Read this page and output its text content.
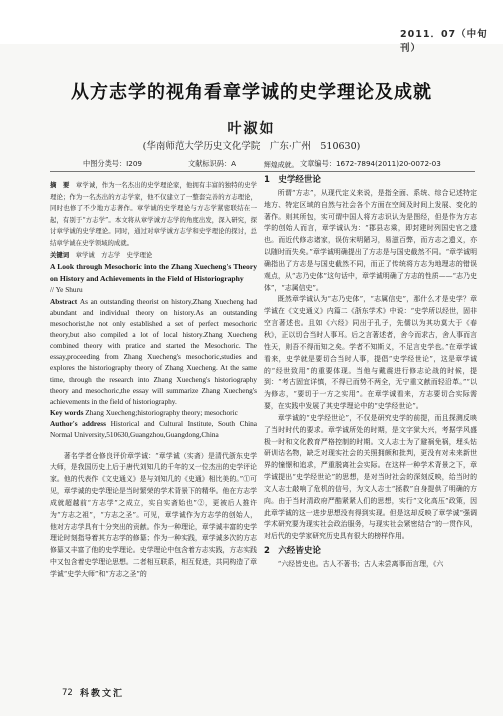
2011．07（中旬刊）
从方志学的视角看章学诚的史学理论及成就
叶淑如
(华南师范大学历史文化学院　广东·广州　510630)
中图分类号：I209	文献标识码：A	文章编号：1672-7894(2011)20-0072-03

摘　要　 章学诚，作为一名杰出的史学理论家，他拥有丰富的独特的史学理论；作为一名杰出的方志学家，他不仅建立了一整套完善的方志理论，同时也修了不少地方志著作。章学诚的史学理论与方志学紧密联结在一起，有别于“方志学”。本文将从章学诚方志学的角度出发，深入研究，探讨章学诚的史学理论。同时，通过对章学诚方志学和史学理论的探讨，总结章学诚在史学领域的成就。

关键词　 章学诚　方志学　史学理论

A Look through Mesochoric into the Zhang Xuecheng's Theory on History and Achievements in the Field of Historiography

// Ye Shuru

Abstract As an outstanding theorist on history,Zhang Xuecheng had abundant and individual theory on history.As an outstanding mesochorist,he not only established a set of perfect mesochoric theory,but also compiled a lot of local history.Zhang Xuecheng combined theory with pratice and started the Mesochoric. The essay,proceeding from Zhang Xuecheng's mesochoric,studies and explores the historiography theory of Zhang Xuecheng. At the same time, through the research into Zhang Xuecheng's historiography theory and mesochoric,the essay will summarize Zhang Xuecheng's achievements in the field of historiography.

Key words Zhang Xuecheng;historiography theory; mesochoric

Author's address Historical and Cultural Institute, South China Normal University,510630,Guangzhou,Guangdong,China

著名学者仓修良评价章学诚：“章学诚（实斋）是清代浙东史学大师，是我国历史上后于唐代刘知几的千年的又一位杰出的史学评论家。他的代表作《文史通义》是与刘知几的《史通》相比美的。”①可见，章学诚的史学理论是当时繁荣的学术背景下的精华。他在方志学成就超越前“方志学”之成立，实自实斋始也”②，更被后人推许为“方志之祖”，“方志之圣”。可见，章学诚作为方志学的创始人，他对方志学具有十分突出的贡献。作为一种理论，章学诚丰富的史学理论时刻指导着其方志学的修纂；作为一种实践，章学诚多次的方志修纂又丰富了他的史学理论。史学理论中包含着方志实践，方志实践中又包含着史学理论思想。二者相互联系，相互促进，共同构造了章学诚“史学大师”和“方志之圣”的

辉煌成就。

1　史学经世论

所谓“方志”，从现代定义来说，是指全面、系统、综合记述特定地方、特定区域的自然与社会各个方面在空间及时间上发展、变化的著作。则其所包，实可谓中国人将方志识认为是图经，但是作为方志学的创始人而言，章学诚认为：“郡县志乘，即封建时列国史官之遗也。而近代修志诸家，误仿宋明陋习，易滋百弊，而方志之遗义，亦以随时而失矣。”章学诚明确提出了方志是与国史截然不同。“章学诚明确指出了方志是与国史截然不同，而正了传统将方志为地理志的错误观点，从“志乃史体”这句话中，章学诚明确了方志的性质——“志乃史体”，“志属信史”。

既然章学诚认为“志乃史体”，“志属信史”，那什么才是史学？章学诚在《文史通义》内篇二《浙东学术》中说：“史学所以经世，固非空言著述也。且如《六经》同出于孔子，先儒以为其功莫大于《春秋》，正以切合当时人事耳。后之言著述者，舍今而求古，舍人事而言性天，则吾不得而知之矣。学者不知斯义，不足言史学也。”在章学诚看来，史学就是要切合当时人事，提倡“史学经世论”，这是章学诚的“经世致用”的重要体现。当他与戴震进行修志论战的时候，提到：“考古固宜详慎，不得已而势不两全，无宁重文献而轻沿革。”“以为修志，“要切于一方之实用”。在章学诚看来，方志要切合实际需要，在实践中发展了其史学理论中的“史学经世论”。

章学诚的“史学经世论”，不仅是研究史学的前提，而且探测反映了当时时代的要求。章学诚所处的时期，是文字狱大兴，考据学风盛极一时和文化教育严格控制的时期。文人志士为了避祸免祸，埋头钻研训诂名物，缺乏对现实社会的关照拥颇和批判，更没有对未来新世界的憧憬和追求，严重脱离社会实际。在这样一种学术背景之下，章学诚提出“史学经世论”的思想，是对当时社会的深刻反映，给当时的文人志士敲响了危机的信号，为文人志士“拯救”自身提供了明确的方向。由于当时清政府严酷紧紧人们的思想，实行“文化高压”政策，因此章学诚的这一进步思想没有得到实现。但是这却反映了章学诚“强调学术研究要为现实社会政治服务，与现实社会紧密结合”的一贯作风，对后代的史学家研究历史具有很大的榜样作用。

2　六经皆史论

“六经皆史也。古人不著书；古人未尝离事而言理，《六

72 科教文汇
